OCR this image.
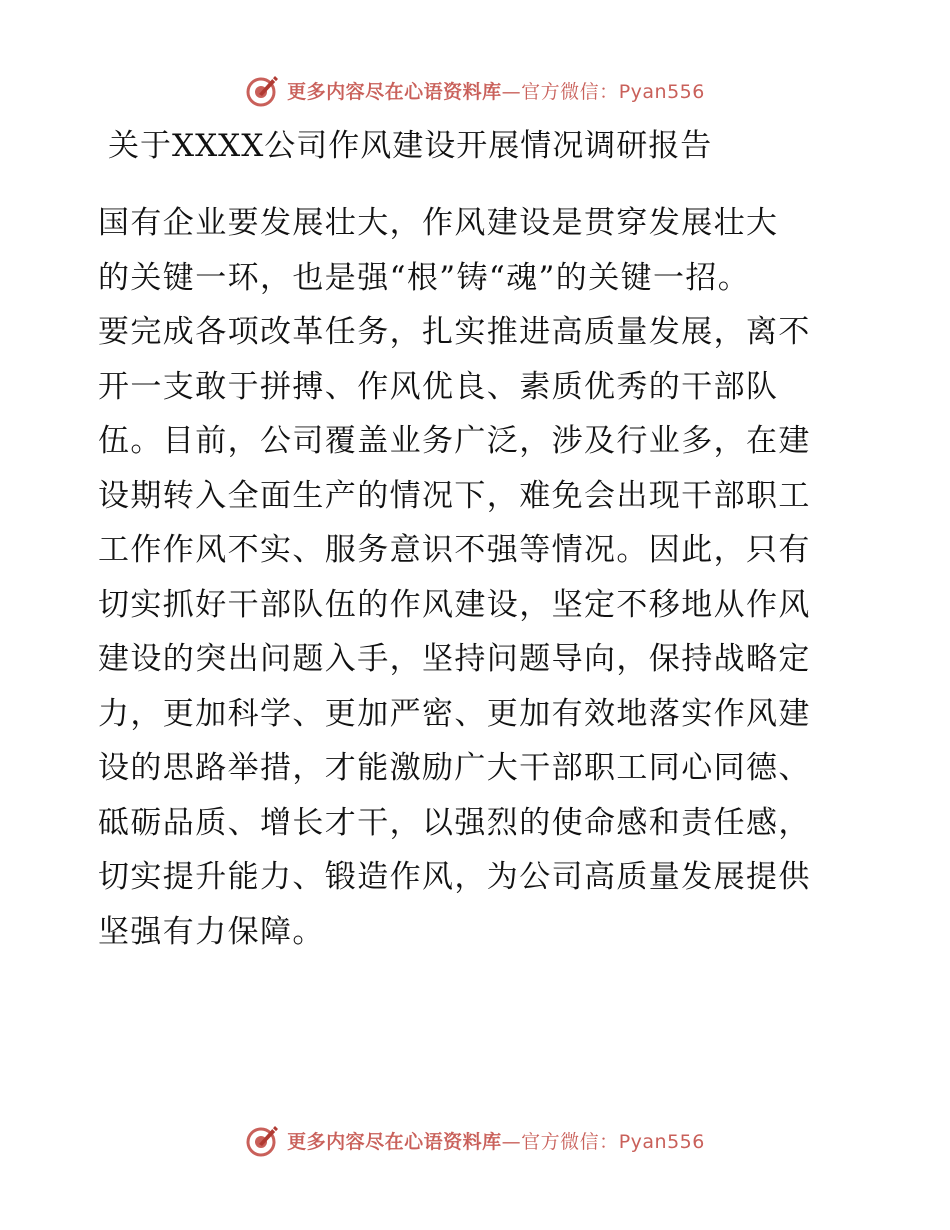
更多内容尽在心语资料库—官方微信：Pyan556
关于XXXX公司作风建设开展情况调研报告
国有企业要发展壮大，作风建设是贯穿发展壮大
的关键一环，也是强“根”铸“魂”的关键一招。
要完成各项改革任务，扎实推进高质量发展，离不
开一支敢于拼搏、作风优良、素质优秀的干部队
伍。目前，公司覆盖业务广泛，涉及行业多，在建
设期转入全面生产的情况下，难免会出现干部职工
工作作风不实、服务意识不强等情况。因此，只有
切实抓好干部队伍的作风建设，坚定不移地从作风
建设的突出问题入手，坚持问题导向，保持战略定
力，更加科学、更加严密、更加有效地落实作风建
设的思路举措，才能激励广大干部职工同心同德、
砥砺品质、增长才干，以强烈的使命感和责任感，
切实提升能力、锻造作风，为公司高质量发展提供
坚强有力保障。
更多内容尽在心语资料库—官方微信：Pyan556
